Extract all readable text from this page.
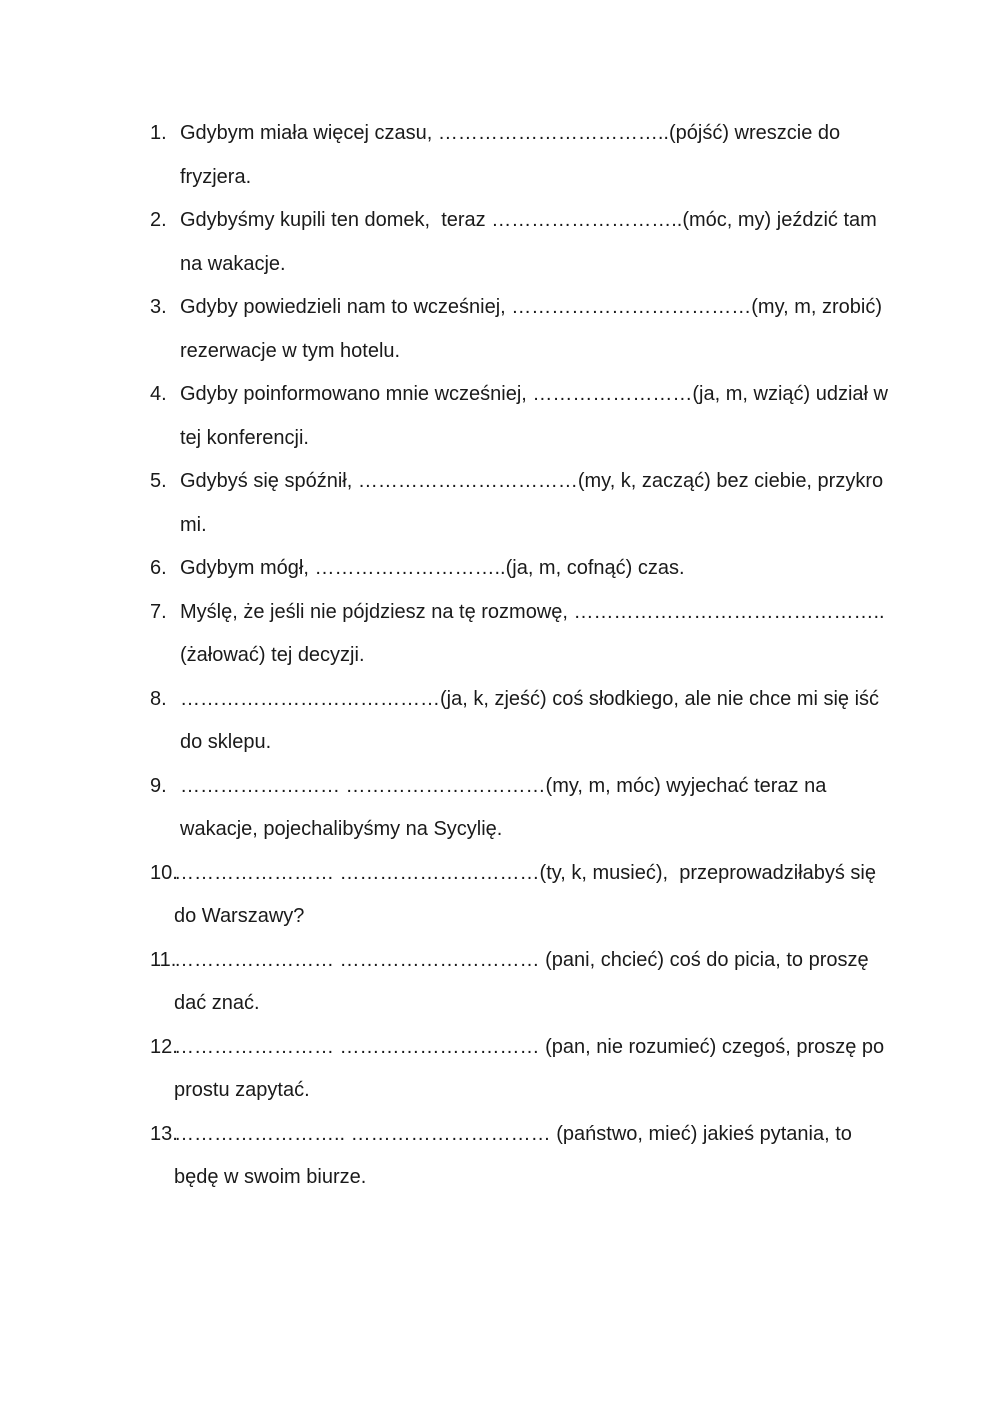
1. Gdybym miała więcej czasu, ……………………………..(pójść) wreszcie do fryzjera.
2. Gdybyśmy kupili ten domek,  teraz ………………………..(móc, my) jeździć tam na wakacje.
3. Gdyby powiedzieli nam to wcześniej, ………………………………(my, m, zrobić) rezerwacje w tym hotelu.
4. Gdyby poinformowano mnie wcześniej, ……………………(ja, m, wziąć) udział w tej konferencji.
5. Gdybyś się spóźnił, ……………………………(my, k, zacząć) bez ciebie, przykro mi.
6. Gdybym mógł, ………………………..(ja, m, cofnąć) czas.
7. Myślę, że jeśli nie pójdziesz na tę rozmowę, ………………………………………..(żałować) tej decyzji.
8. …………………………………(ja, k, zjeść) coś słodkiego, ale nie chce mi się iść do sklepu.
9. …………………… …………………………(my, m, móc) wyjechać teraz na wakacje, pojechalibyśmy na Sycylię.
10.
…………………… …………………………(ty, k, musieć),  przeprowadziłabyś się do Warszawy?
11.
…………………… ………………………… (pani, chcieć) coś do picia, to proszę dać znać.
12.
…………………… ………………………… (pan, nie rozumieć) czegoś, proszę po prostu zapytać.
13.
…………………….. ………………………… (państwo, mieć) jakieś pytania, to będę w swoim biurze.
